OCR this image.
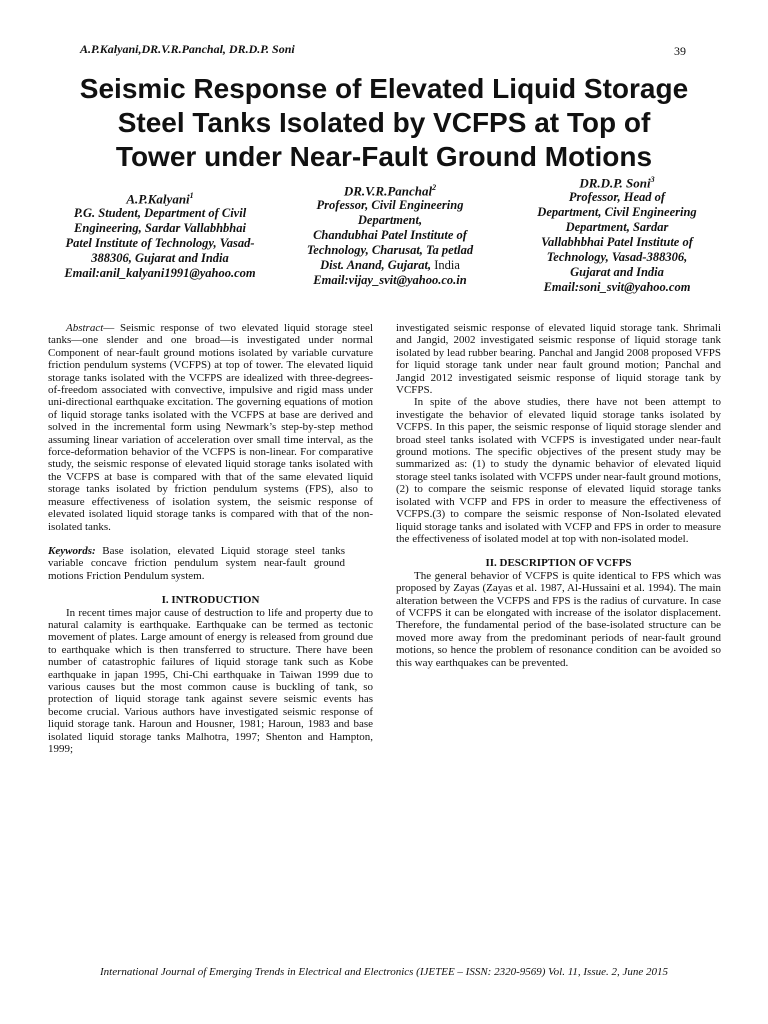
A.P.Kalyani,DR.V.R.Panchal, DR.D.P. Soni	39
Seismic Response of Elevated Liquid Storage
Steel Tanks Isolated by VCFPS at Top of
Tower under Near-Fault Ground Motions
A.P.Kalyani$^1$
P.G. Student, Department of Civil
Engineering, Sardar Vallabhbhai
Patel Institute of Technology, Vasad-
388306, Gujarat and India
Email:anil_kalyani1991@yahoo.com
DR.V.R.Panchal$^2$
Professor, Civil Engineering
Department,
Chandubhai Patel Institute of
Technology, Charusat, Ta petlad
Dist. Anand, Gujarat, India
Email:vijay_svit@yahoo.co.in
DR.D.P. Soni$^3$
Professor, Head of
Department, Civil Engineering
Department, Sardar
Vallabhbhai Patel Institute of
Technology, Vasad-388306,
Gujarat and India
Email:soni_svit@yahoo.com

Abstract— Seismic response of two elevated liquid storage steel tanks—one slender and one broad—is investigated under normal Component of near-fault ground motions isolated by variable curvature friction pendulum systems (VCFPS) at top of tower. The elevated liquid storage tanks isolated with the VCFPS are idealized with three-degrees-of-freedom associated with convective, impulsive and rigid mass under uni-directional earthquake excitation. The governing equations of motion of liquid storage tanks isolated with the VCFPS at base are derived and solved in the incremental form using Newmark’s step-by-step method assuming linear variation of acceleration over small time interval, as the force-deformation behavior of the VCFPS is non-linear. For comparative study, the seismic response of elevated liquid storage tanks isolated with the VCFPS at base is compared with that of the same elevated liquid storage tanks isolated by friction pendulum systems (FPS), also to measure effectiveness of isolation system, the seismic response of elevated isolated liquid storage tanks is compared with that of the non-isolated tanks.

Keywords: Base isolation, elevated Liquid storage steel tanks variable concave friction pendulum system near-fault ground motions Friction Pendulum system.

I. INTRODUCTION

In recent times major cause of destruction to life and property due to natural calamity is earthquake. Earthquake can be termed as tectonic movement of plates. Large amount of energy is released from ground due to earthquake which is then transferred to structure. There have been number of catastrophic failures of liquid storage tank such as Kobe earthquake in japan 1995, Chi-Chi earthquake in Taiwan 1999 due to various causes but the most common cause is buckling of tank, so protection of liquid storage tank against severe seismic events has become crucial. Various authors have investigated seismic response of liquid storage tank. Haroun and Housner, 1981; Haroun, 1983 and base isolated liquid storage tanks Malhotra, 1997; Shenton and Hampton, 1999;

investigated seismic response of elevated liquid storage tank. Shrimali and Jangid, 2002 investigated seismic response of liquid storage tank isolated by lead rubber bearing. Panchal and Jangid 2008 proposed VFPS for liquid storage tank under near fault ground motion; Panchal and Jangid 2012 investigated seismic response of liquid storage tank by VCFPS.

In spite of the above studies, there have not been attempt to investigate the behavior of elevated liquid storage tanks isolated by VCFPS. In this paper, the seismic response of liquid storage slender and broad steel tanks isolated with VCFPS is investigated under near-fault ground motions. The specific objectives of the present study may be summarized as: (1) to study the dynamic behavior of elevated liquid storage steel tanks isolated with VCFPS under near-fault ground motions, (2) to compare the seismic response of elevated liquid storage tanks isolated with VCFP and FPS in order to measure the effectiveness of VCFPS.(3) to compare the seismic response of Non-Isolated elevated liquid storage tanks and isolated with VCFP and FPS in order to measure the effectiveness of isolated model at top with non-isolated model.

II. DESCRIPTION OF VCFPS

The general behavior of VCFPS is quite identical to FPS which was proposed by Zayas (Zayas et al. 1987, Al-Hussaini et al. 1994). The main alteration between the VCFPS and FPS is the radius of curvature. In case of VCFPS it can be elongated with increase of the isolator displacement. Therefore, the fundamental period of the base-isolated structure can be moved more away from the predominant periods of near-fault ground motions, so hence the problem of resonance condition can be avoided so this way earthquakes can be prevented.

International Journal of Emerging Trends in Electrical and Electronics (IJETEE – ISSN: 2320-9569) Vol. 11, Issue. 2, June 2015
